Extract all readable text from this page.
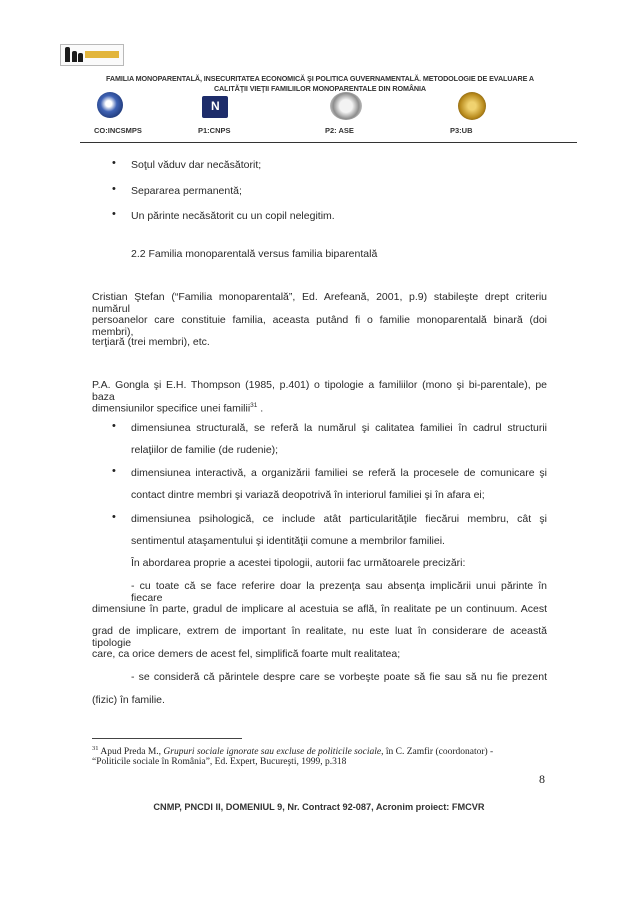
FAMILIA MONOPARENTALĂ, INSECURITATEA ECONOMICĂ ŞI POLITICA GUVERNAMENTALĂ. METODOLOGIE DE EVALUARE A
CALITĂŢII VIEŢII FAMILIILOR MONOPARENTALE DIN ROMÂNIA
N
CO:INCSMPS	P1:CNPS	P2: ASE	P3:UB
• Soţul văduv dar necăsătorit;
• Separarea permanentă;
• Un părinte necăsătorit cu un copil nelegitim.
2.2 Familia monoparentală versus familia biparentală
Cristian Ştefan (“Familia monoparentală”, Ed. Arefeană, 2001, p.9) stabileşte drept criteriu numărul
persoanelor care constituie familia, aceasta putând fi o familie monoparentală binară (doi membri),
terţiară (trei membri), etc.
P.A. Gongla şi E.H. Thompson (1985, p.401) o tipologie a familiilor (mono şi bi-parentale), pe baza
dimensiunilor specifice unei familii$^{31}$ .
• dimensiunea structurală, se referă la numărul şi calitatea familiei în cadrul structurii
relaţiilor de familie (de rudenie);
• dimensiunea interactivă, a organizării familiei se referă la procesele de comunicare şi
contact dintre membri şi variază deopotrivă în interiorul familiei şi în afara ei;
• dimensiunea psihologică, ce include atât particularităţile fiecărui membru, cât şi
sentimentul ataşamentului şi identităţii comune a membrilor familiei.
În abordarea proprie a acestei tipologii, autorii fac următoarele precizări:
- cu toate că se face referire doar la prezenţa sau absenţa implicării unui părinte în fiecare
dimensiune în parte, gradul de implicare al acestuia se află, în realitate pe un continuum. Acest
grad de implicare, extrem de important în realitate, nu este luat în considerare de această tipologie
care, ca orice demers de acest fel, simplifică foarte mult realitatea;
- se consideră că părintele despre care se vorbeşte poate să fie sau să nu fie prezent
(fizic) în familie.
$^{31}$ Apud Preda M., Grupuri sociale ignorate sau excluse de politicile sociale, în C. Zamfir (coordonator) -
“Politicile sociale în România”, Ed. Expert, Bucureşti, 1999, p.318
8
CNMP, PNCDI II, DOMENIUL 9, Nr. Contract 92-087, Acronim proiect: FMCVR
